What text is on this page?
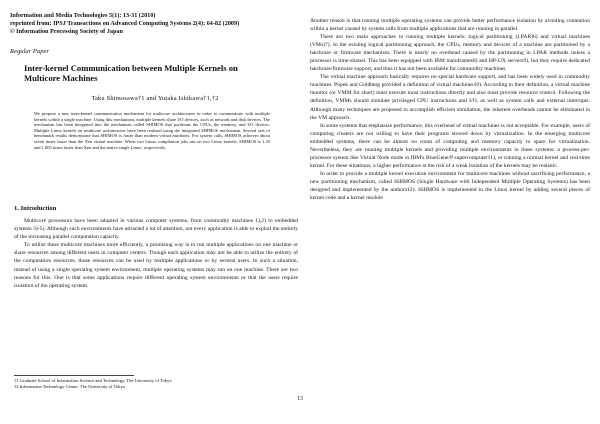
Information and Media Technologies 5(1): 13-31 (2010)
reprinted from: IPSJ Transactions on Advanced Computing Systems 2(4): 64-82 (2009)
© Information Processing Society of Japan
Regular Paper
Inter-kernel Communication between Multiple Kernels on Multicore Machines
Taku Shimosawa†1 and Yutaka Ishikawa†1,†2
We propose a new inter-kernel communication mechanism for multicore architectures in order to communicate with multiple kernels within a single machine. Using this mechanism, multiple kernels share I/O devices, such as network and disk devices. The mechanism has been integrated into the mechanism called SHIMOS that partitions the CPUs, the memory, and I/O devices. Multiple Linux kernels on multicore architectures have been realized using the integrated SHIMOS mechanism. Several sets of benchmark results demonstrate that SHIMOS is faster than modern virtual machines. For system calls, SHIMOS achieves about seven times faster than the Xen virtual machine. When two Linux compilation jobs run on two Linux kernels, SHIMOS is 1.35 and 1.005 times faster than Xen and the native single Linux, respectively.
1. Introduction

Multicore processors have been adopted in various computer systems, from commodity machines 1),2) to embedded systems 3)-5). Although such environments have attracted a lot of attention, not every application is able to exploit the entirety of the increasing parallel computation capacity.

To utilize these multicore machines more efficiently, a promising way is to run multiple applications on one machine or share resources among different users in computer centers. Though each application may not be able to utilize the entirety of the computation resources, those resources can be used by multiple applications or by several users. In such a situation, instead of using a single operating system environment, multiple operating systems may run on one machine. There are two reasons for this: One is that some applications require different operating system environments or that the users require isolation of the operating system.

Another reason is that running multiple operating systems can provide better performance isolation by avoiding contention within a kernel caused by system calls from multiple applications that are running in parallel.

There are two main approaches to running multiple kernels: logical partitioning (LPAR)6) and virtual machines (VMs)7). In the existing logical partitioning approach, the CPUs, memory and devices of a machine are partitioned by a hardware or firmware mechanism. There is nearly no overhead caused by the partitioning in LPAR methods unless a processor is time-shared. This has been equipped with IBM mainframes8) and HP-UX servers9), but they require dedicated hardware/firmware support, and thus it has not been available for commodity machines.

The virtual machine approach basically requires no special hardware support, and has been widely used in commodity machines. Popek and Goldberg provided a definition of virtual machines10). According to their definition, a virtual machine monitor (or VMM for short) must execute most instructions directly and also must provide resource control. Following the definition, VMMs should simulate privileged CPU instructions and I/O, as well as system calls and external interrupts. Although many techniques are proposed to accomplish efficient simulation, the inherent overheads cannot be eliminated in the VM approach.

In some systems that emphasize performance, this overhead of virtual machines is not acceptable. For example, users of computing clusters are not willing to have their programs slowed down by virtualization. In the emerging multicore embedded systems, there can be almost no room of computing and memory capacity to spare for virtualization. Nevertheless, they are running multiple kernels and providing multiple environments in these systems: a process-per-processor system like Virtual Node mode in IBM's BlueGene/P supercomputer11), or running a normal kernel and real-time kernel. For these situations, a higher performance at the risk of a weak isolation of the kernels may be realistic.

In order to provide a multiple kernel execution environment for multicore machines without sacrificing performance, a new partitioning mechanism, called SHIMOS (Single Hardware with Independent Multiple Operating Systems) has been designed and implemented by the authors12). SHIMOS is implemented in the Linux kernel by adding several pieces of kernel code and a kernel module

†1 Graduate School of Information Science and Technology, The University of Tokyo
†2 Information Technology Center, The University of Tokyo
13
